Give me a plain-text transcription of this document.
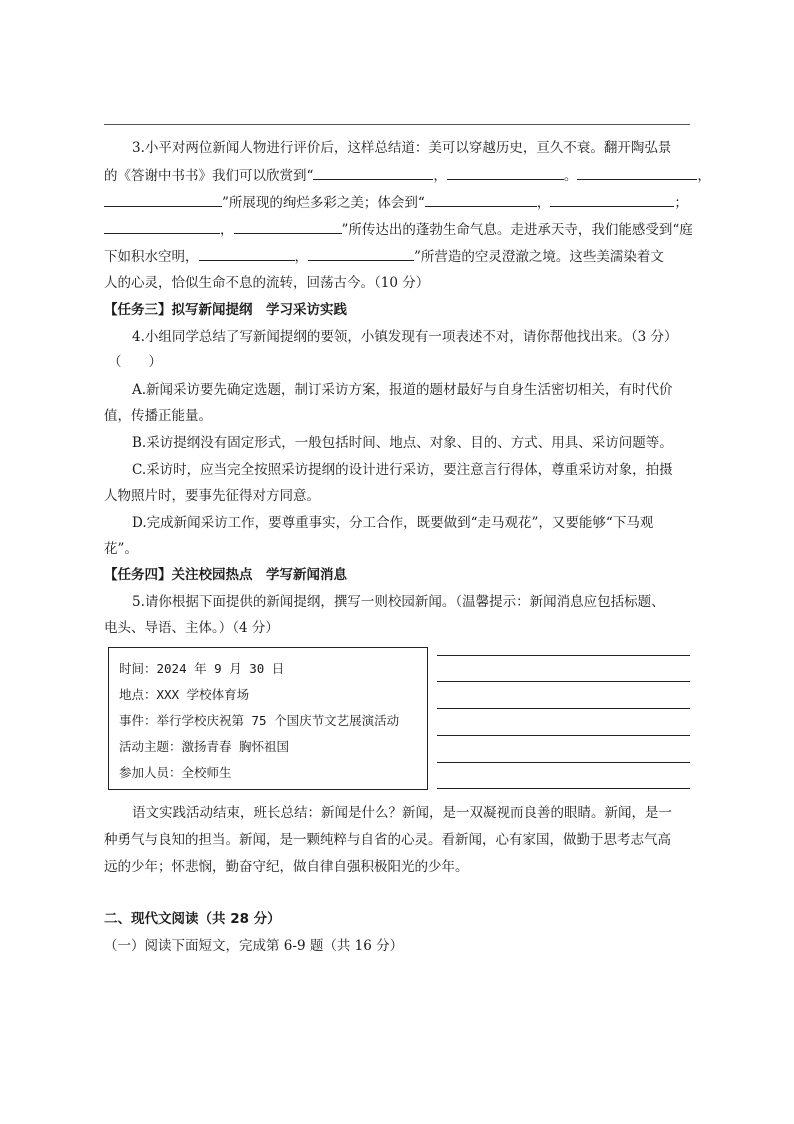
3.小平对两位新闻人物进行评价后，这样总结道：美可以穿越历史，亘久不衰。翻开陶弘景
的《答谢中书书》我们可以欣赏到“	，	。	，
”所展现的绚烂多彩之美；体会到“	，	；
，	”所传达出的蓬勃生命气息。走进承天寺，我们能感受到“庭
下如积水空明，	，	”所营造的空灵澄澈之境。这些美濡染着文
人的心灵，恰似生命不息的流转，回荡古今。（10 分）
【任务三】拟写新闻提纲　学习采访实践
4.小组同学总结了写新闻提纲的要领，小镇发现有一项表述不对，请你帮他找出来。（3 分）
（　　）
A.新闻采访要先确定选题，制订采访方案，报道的题材最好与自身生活密切相关，有时代价
值，传播正能量。
B.采访提纲没有固定形式，一般包括时间、地点、对象、目的、方式、用具、采访问题等。
C.采访时，应当完全按照采访提纲的设计进行采访，要注意言行得体，尊重采访对象，拍摄
人物照片时，要事先征得对方同意。
D.完成新闻采访工作，要尊重事实，分工合作，既要做到“走马观花”，又要能够“下马观
花”。
【任务四】关注校园热点　学写新闻消息
5.请你根据下面提供的新闻提纲，撰写一则校园新闻。（温馨提示：新闻消息应包括标题、
电头、导语、主体。）（4 分）
时间：2024 年 9 月 30 日
地点：XXX 学校体育场
事件：举行学校庆祝第 75 个国庆节文艺展演活动
活动主题：激扬青春 胸怀祖国
参加人员：全校师生
语文实践活动结束，班长总结：新闻是什么？新闻，是一双凝视而良善的眼睛。新闻，是一
种勇气与良知的担当。新闻，是一颗纯粹与自省的心灵。看新闻，心有家国，做勤于思考志气高
远的少年；怀悲悯，勤奋守纪，做自律自强积极阳光的少年。
二、现代文阅读（共 28 分）
（一）阅读下面短文，完成第 6-9 题（共 16 分）
